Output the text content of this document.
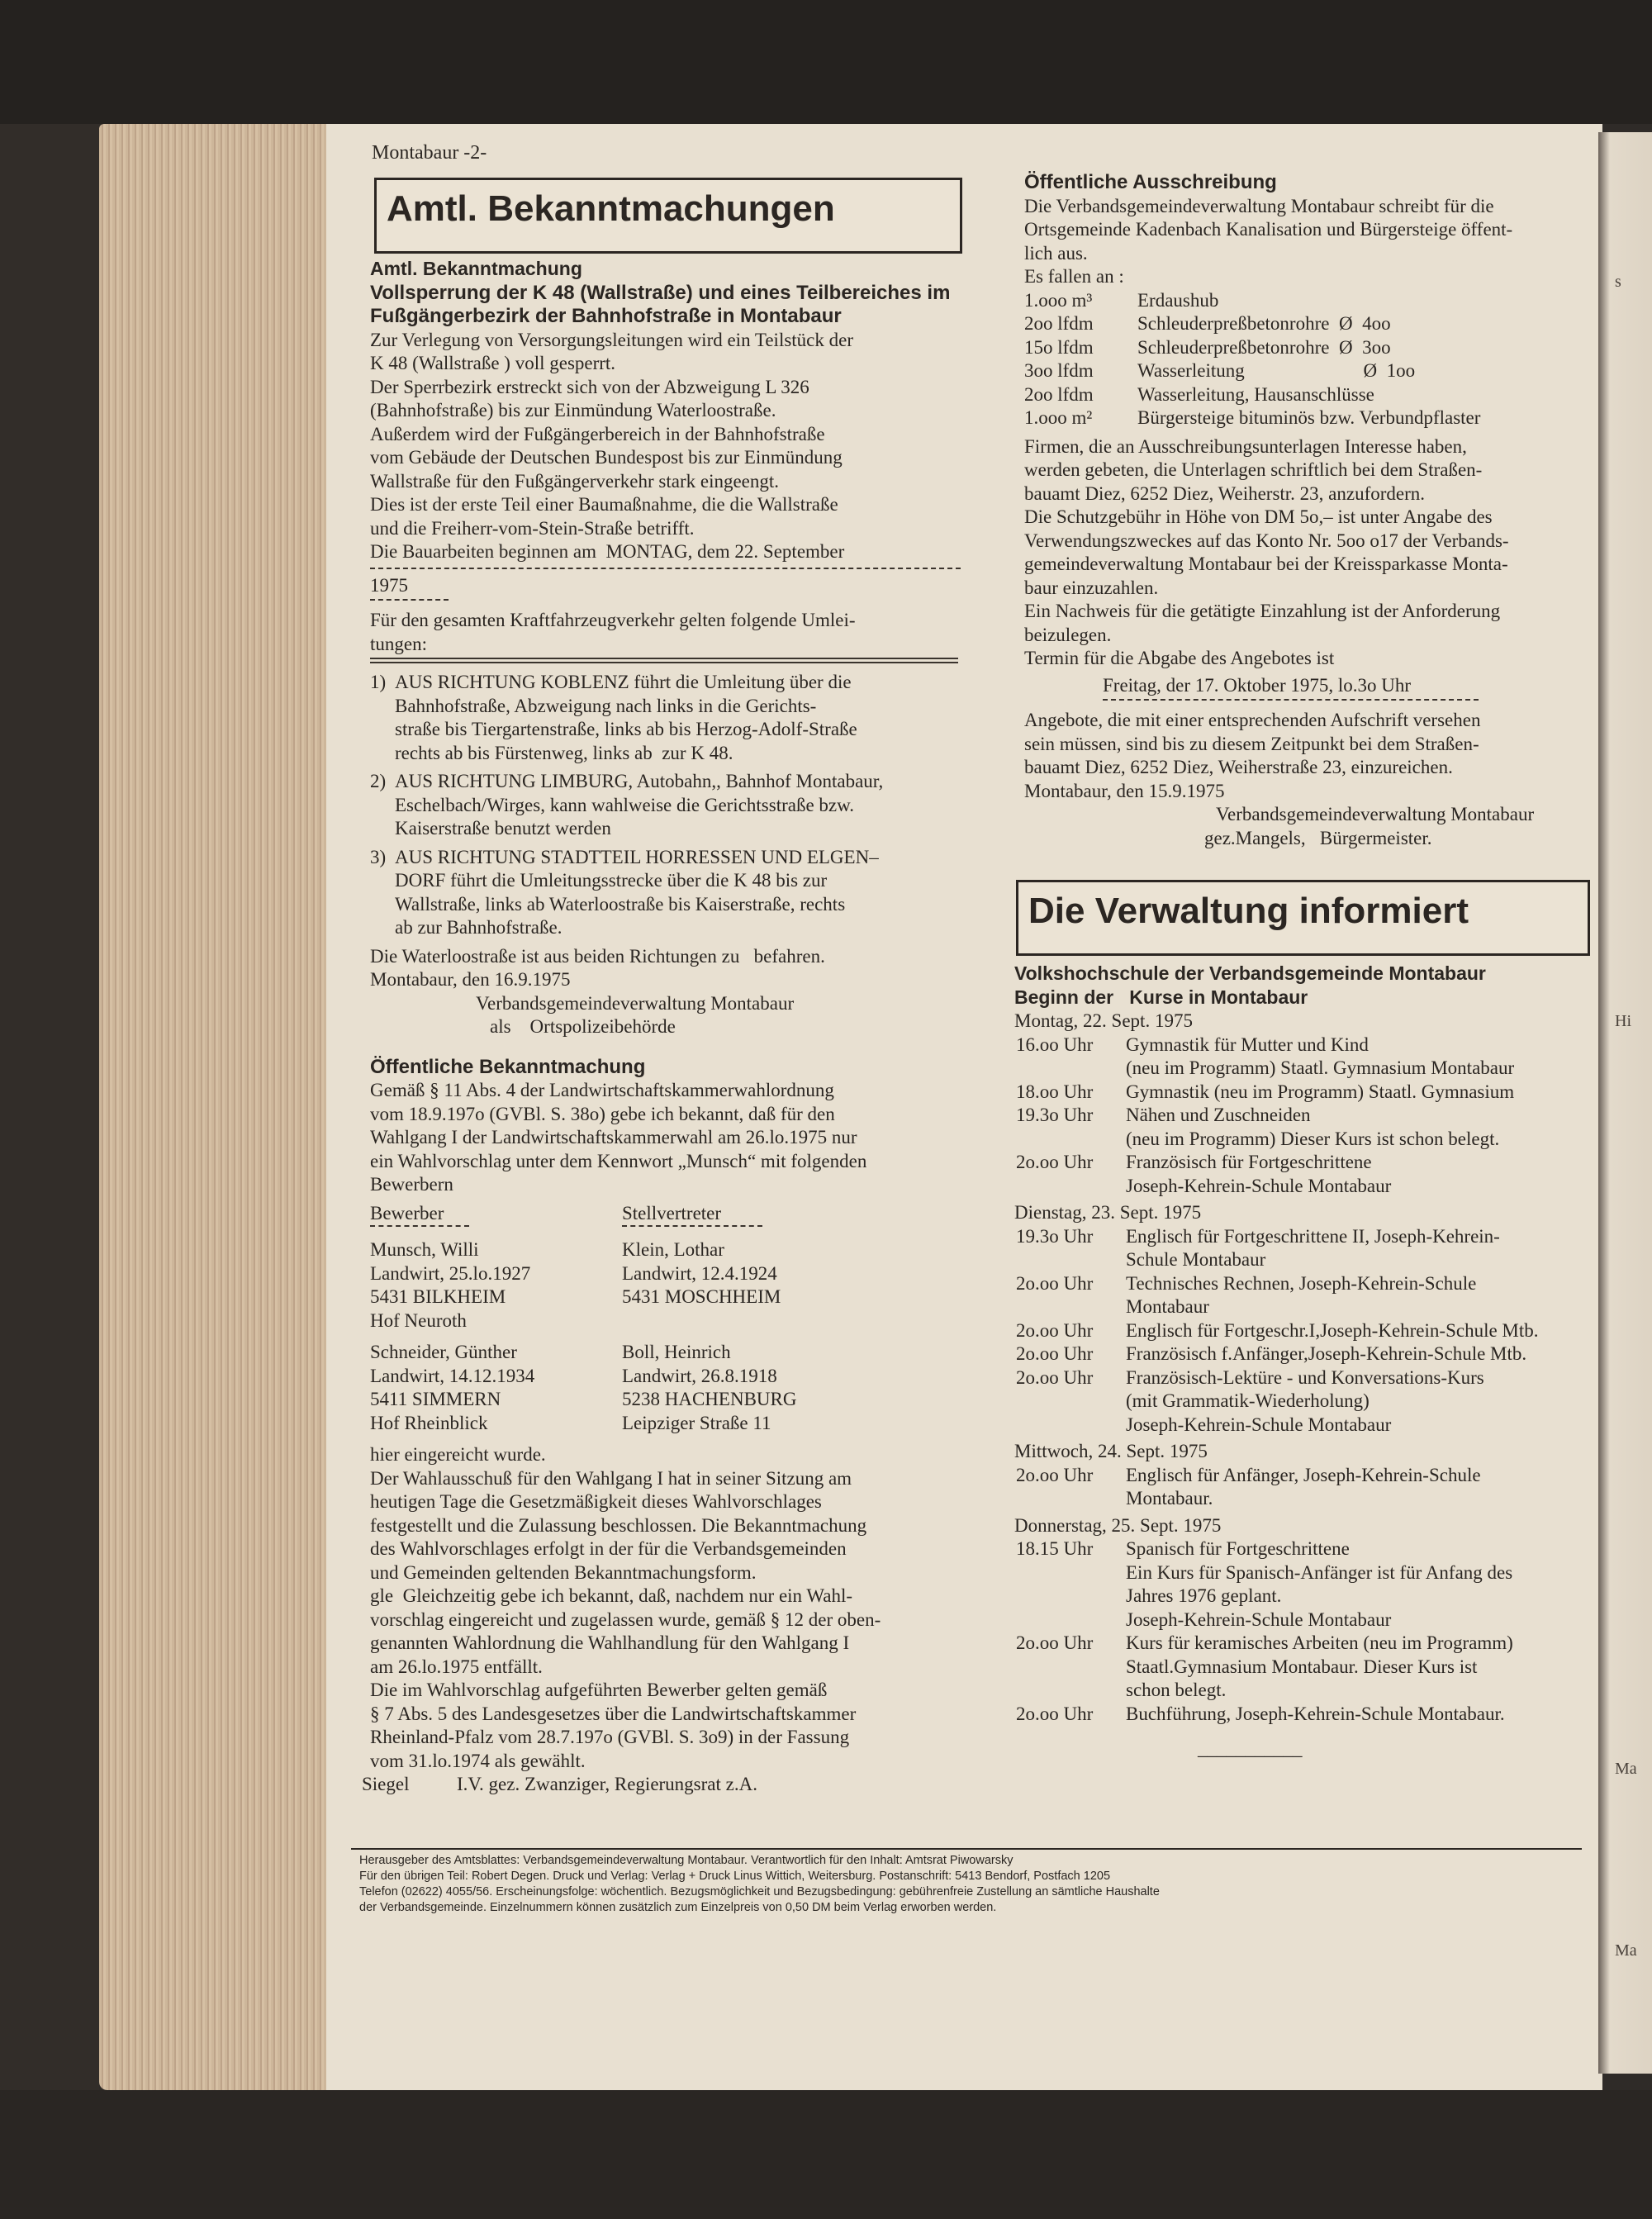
Montabaur -2-
Amtl. Bekanntmachungen
Die Verwaltung informiert
Amtl. Bekanntmachung
Vollsperrung der K 48 (Wallstraße) und eines Teilbereiches im
Fußgängerbezirk der Bahnhofstraße in Montabaur
Zur Verlegung von Versorgungsleitungen wird ein Teilstück der
K 48 (Wallstraße ) voll gesperrt.
Der Sperrbezirk erstreckt sich von der Abzweigung L 326
(Bahnhofstraße) bis zur Einmündung Waterloostraße.
Außerdem wird der Fußgängerbereich in der Bahnhofstraße
vom Gebäude der Deutschen Bundespost bis zur Einmündung
Wallstraße für den Fußgängerverkehr stark eingeengt.
Dies ist der erste Teil einer Baumaßnahme, die die Wallstraße
und die Freiherr-vom-Stein-Straße betrifft.
Die Bauarbeiten beginnen am  MONTAG, dem 22. September
1975
Für den gesamten Kraftfahrzeugverkehr gelten folgende Umlei-
tungen:
1) AUS RICHTUNG KOBLENZ führt die Umleitung über die
Bahnhofstraße, Abzweigung nach links in die Gerichts-
straße bis Tiergartenstraße, links ab bis Herzog-Adolf-Straße
rechts ab bis Fürstenweg, links ab  zur K 48.
2) AUS RICHTUNG LIMBURG, Autobahn,, Bahnhof Montabaur,
Eschelbach/Wirges, kann wahlweise die Gerichtsstraße bzw.
Kaiserstraße benutzt werden
3) AUS RICHTUNG STADTTEIL HORRESSEN UND ELGEN–
DORF führt die Umleitungsstrecke über die K 48 bis zur
Wallstraße, links ab Waterloostraße bis Kaiserstraße, rechts
ab zur Bahnhofstraße.
Die Waterloostraße ist aus beiden Richtungen zu   befahren.
Montabaur, den 16.9.1975
Verbandsgemeindeverwaltung Montabaur
als    Ortspolizeibehörde
Öffentliche Bekanntmachung
Gemäß § 11 Abs. 4 der Landwirtschaftskammerwahlordnung
vom 18.9.197o (GVBl. S. 38o) gebe ich bekannt, daß für den
Wahlgang I der Landwirtschaftskammerwahl am 26.lo.1975 nur
ein Wahlvorschlag unter dem Kennwort „Munsch“ mit folgenden
Bewerbern
Bewerber	Stellvertreter
Munsch, Willi
Landwirt, 25.lo.1927
5431 BILKHEIM
Hof Neuroth
Klein, Lothar
Landwirt, 12.4.1924
5431 MOSCHHEIM
Schneider, Günther
Landwirt, 14.12.1934
5411 SIMMERN
Hof Rheinblick
Boll, Heinrich
Landwirt, 26.8.1918
5238 HACHENBURG
Leipziger Straße 11
hier eingereicht wurde.
Der Wahlausschuß für den Wahlgang I hat in seiner Sitzung am
heutigen Tage die Gesetzmäßigkeit dieses Wahlvorschlages
festgestellt und die Zulassung beschlossen. Die Bekanntmachung
des Wahlvorschlages erfolgt in der für die Verbandsgemeinden
und Gemeinden geltenden Bekanntmachungsform.
gle  Gleichzeitig gebe ich bekannt, daß, nachdem nur ein Wahl-
vorschlag eingereicht und zugelassen wurde, gemäß § 12 der oben-
genannten Wahlordnung die Wahlhandlung für den Wahlgang I
am 26.lo.1975 entfällt.
Die im Wahlvorschlag aufgeführten Bewerber gelten gemäß
§ 7 Abs. 5 des Landesgesetzes über die Landwirtschaftskammer
Rheinland-Pfalz vom 28.7.197o (GVBl. S. 3o9) in der Fassung
vom 31.lo.1974 als gewählt.
Siegel          I.V. gez. Zwanziger, Regierungsrat z.A.
Öffentliche Ausschreibung
Die Verbandsgemeindeverwaltung Montabaur schreibt für die
Ortsgemeinde Kadenbach Kanalisation und Bürgersteige öffent-
lich aus.
Es fallen an :
1.ooo m³ Erdaushub
2oo lfdm Schleuderpreßbetonrohre  Ø  4oo
15o lfdm Schleuderpreßbetonrohre  Ø  3oo
3oo lfdm Wasserleitung                         Ø  1oo
2oo lfdm Wasserleitung, Hausanschlüsse
1.ooo m² Bürgersteige bituminös bzw. Verbundpflaster
Firmen, die an Ausschreibungsunterlagen Interesse haben,
werden gebeten, die Unterlagen schriftlich bei dem Straßen-
bauamt Diez, 6252 Diez, Weiherstr. 23, anzufordern.
Die Schutzgebühr in Höhe von DM 5o,– ist unter Angabe des
Verwendungszweckes auf das Konto Nr. 5oo o17 der Verbands-
gemeindeverwaltung Montabaur bei der Kreissparkasse Monta-
baur einzuzahlen.
Ein Nachweis für die getätigte Einzahlung ist der Anforderung
beizulegen.
Termin für die Abgabe des Angebotes ist
Freitag, der 17. Oktober 1975, lo.3o Uhr
Angebote, die mit einer entsprechenden Aufschrift versehen
sein müssen, sind bis zu diesem Zeitpunkt bei dem Straßen-
bauamt Diez, 6252 Diez, Weiherstraße 23, einzureichen.
Montabaur, den 15.9.1975
Verbandsgemeindeverwaltung Montabaur
gez.Mangels,   Bürgermeister.
Volkshochschule der Verbandsgemeinde Montabaur
Beginn der   Kurse in Montabaur
Montag, 22. Sept. 1975
16.oo Uhr Gymnastik für Mutter und Kind
(neu im Programm) Staatl. Gymnasium Montabaur
18.oo Uhr Gymnastik (neu im Programm) Staatl. Gymnasium
19.3o Uhr Nähen und Zuschneiden
(neu im Programm) Dieser Kurs ist schon belegt.
2o.oo Uhr Französisch für Fortgeschrittene
Joseph-Kehrein-Schule Montabaur
Dienstag, 23. Sept. 1975
19.3o Uhr Englisch für Fortgeschrittene II, Joseph-Kehrein-
Schule Montabaur
2o.oo Uhr Technisches Rechnen, Joseph-Kehrein-Schule
Montabaur
2o.oo Uhr Englisch für Fortgeschr.I,Joseph-Kehrein-Schule Mtb.
2o.oo Uhr Französisch f.Anfänger,Joseph-Kehrein-Schule Mtb.
2o.oo Uhr Französisch-Lektüre - und Konversations-Kurs
(mit Grammatik-Wiederholung)
Joseph-Kehrein-Schule Montabaur
Mittwoch, 24. Sept. 1975
2o.oo Uhr Englisch für Anfänger, Joseph-Kehrein-Schule
Montabaur.
Donnerstag, 25. Sept. 1975
18.15 Uhr Spanisch für Fortgeschrittene
Ein Kurs für Spanisch-Anfänger ist für Anfang des
Jahres 1976 geplant.
Joseph-Kehrein-Schule Montabaur
2o.oo Uhr Kurs für keramisches Arbeiten (neu im Programm)
Staatl.Gymnasium Montabaur. Dieser Kurs ist
schon belegt.
2o.oo Uhr Buchführung, Joseph-Kehrein-Schule Montabaur.
___________
Herausgeber des Amtsblattes: Verbandsgemeindeverwaltung Montabaur. Verantwortlich für den Inhalt: Amtsrat Piwowarsky
Für den übrigen Teil: Robert Degen. Druck und Verlag: Verlag + Druck Linus Wittich, Weitersburg. Postanschrift: 5413 Bendorf, Postfach 1205
Telefon (02622) 4055/56. Erscheinungsfolge: wöchentlich. Bezugsmöglichkeit und Bezugsbedingung: gebührenfreie Zustellung an sämtliche Haushalte
der Verbandsgemeinde. Einzelnummern können zusätzlich zum Einzelpreis von 0,50 DM beim Verlag erworben werden.
s
Hi
Ma
Ma
